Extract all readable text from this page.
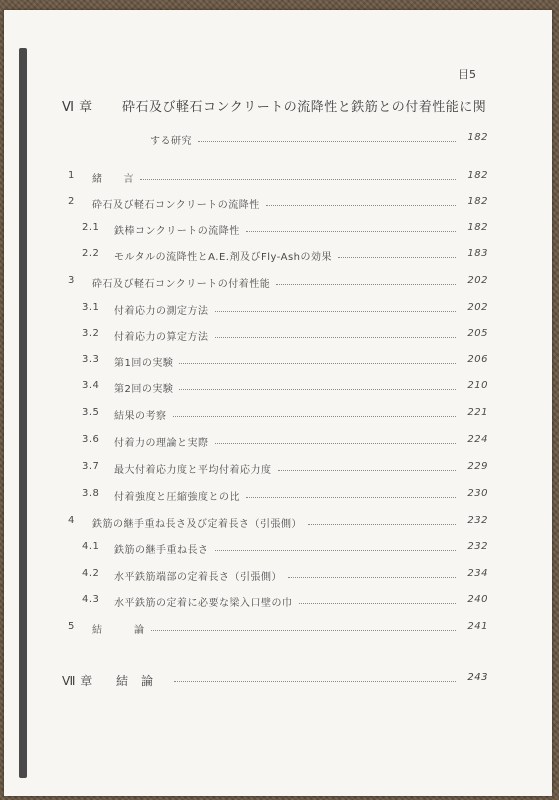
目5
Ⅵ 章 砕石及び軽石コンクリートの流降性と鉄筋との付着性能に関
する研究	182
1 緒　　言	182
2 砕石及び軽石コンクリートの流降性	182
2.1 鉄棒コンクリートの流降性	182
2.2 モルタルの流降性とA.E.剤及びFly-Ashの効果	183
3 砕石及び軽石コンクリートの付着性能	202
3.1 付着応力の測定方法	202
3.2 付着応力の算定方法	205
3.3 第1回の実験	206
3.4 第2回の実験	210
3.5 結果の考察	221
3.6 付着力の理論と実際	224
3.7 最大付着応力度と平均付着応力度	229
3.8 付着強度と圧縮強度との比	230
4 鉄筋の継手重ね長さ及び定着長さ（引張側）	232
4.1 鉄筋の継手重ね長さ	232
4.2 水平鉄筋端部の定着長さ（引張側）	234
4.3 水平鉄筋の定着に必要な梁入口壁の巾	240
5 結　　　論	241
Ⅶ 章 結　論	243
